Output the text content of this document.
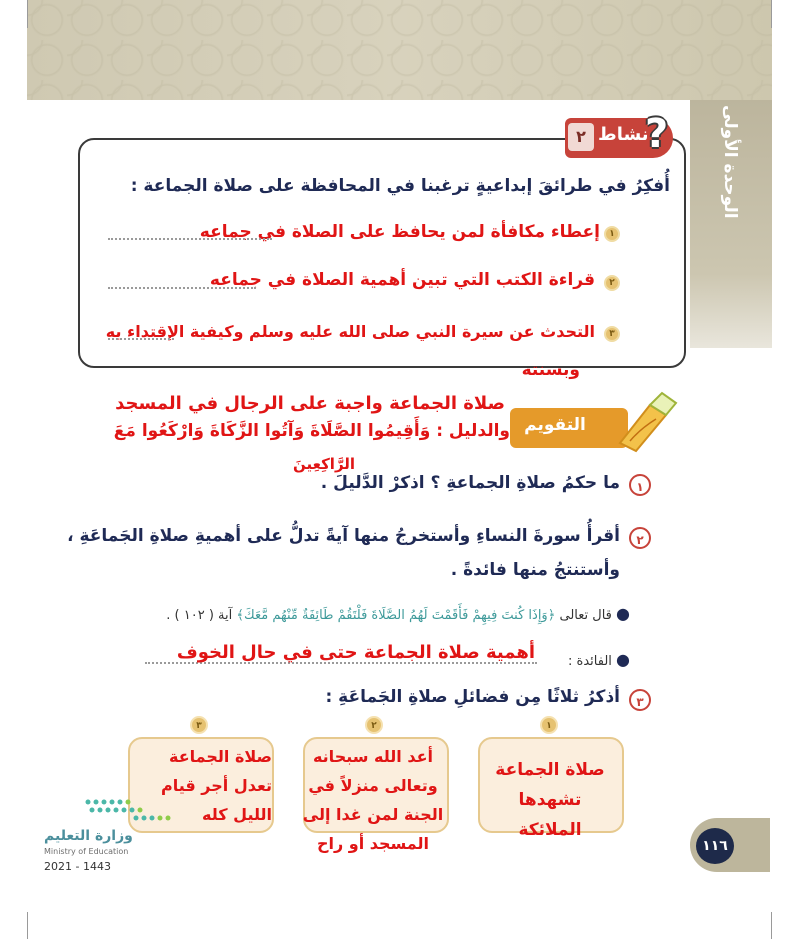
الوحدة الأولى
٢ نشاط
?
أُفكِرُ في طرائقَ إبداعيةٍ ترغبنا في المحافظة على صلاة الجماعة :
١
إعطاء مكافأة لمن يحافظ على الصلاة في جماعه
٢
قراءة الكتب التي تبين أهمية الصلاة في جماعه
٣
التحدث عن سيرة النبي صلى الله عليه وسلم وكيفية الإقتداء به
وبسنته
التقويم
صلاة الجماعة واجبة على الرجال في المسجد
والدليل : وَأَقِيمُوا الصَّلَاةَ وَآتُوا الزَّكَاةَ وَارْكَعُوا مَعَ
الرَّاكِعِينَ
١
ما حكمُ صلاةِ الجماعةِ ؟ اذكرْ الدَّليلَ .
٢
أقرأُ سورةَ النساءِ وأستخرجُ منها آيةً تدلُّ على أهميةِ صلاةِ الجَماعَةِ ،
وأستنتجُ منها فائدةً .
● قال تعالى ﴿وَإِذَا كُنتَ فِيهِمْ فَأَقَمْتَ لَهُمُ الصَّلَاةَ فَلْتَقُمْ طَائِفَةٌ مِّنْهُم مَّعَكَ﴾ آية ( ١٠٢ ) .
● الفائدة :
أهمية صلاة الجماعة حتى في حال الخوف
٣
أذكرُ ثلاثًا مِن فضائلِ صلاةِ الجَماعَةِ :
١
صلاة الجماعة تشهدها الملائكة
٢
أعد الله سبحانه
وتعالى منزلاً في
الجنة لمن غدا إلى
المسجد أو راح
٣
صلاة الجماعة
تعدل أجر قيام
الليل كله
وزارة التعليم
Ministry of Education
2021 - 1443
١١٦
